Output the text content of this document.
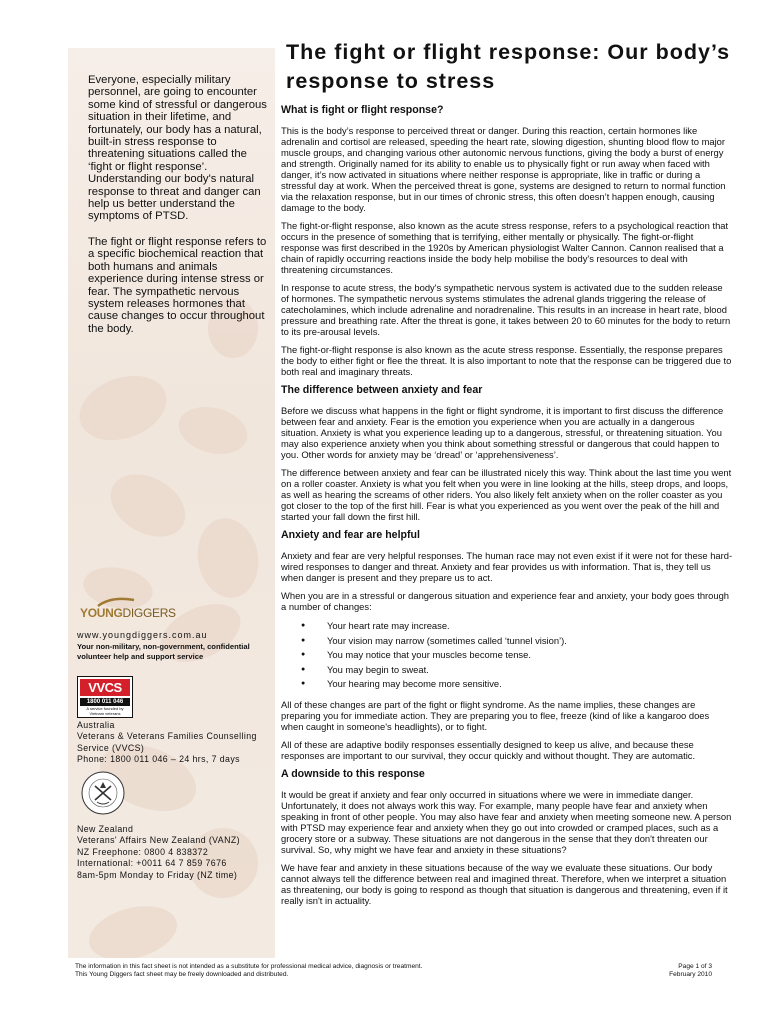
Everyone, especially military personnel, are going to encounter some kind of stressful or dangerous situation in their lifetime, and fortunately, our body has a natural, built-in stress response to threatening situations called the ‘fight or flight response’. Understanding our body's natural response to threat and danger can help us better understand the symptoms of PTSD.

The fight or flight response refers to a specific biochemical reaction that both humans and animals experience during intense stress or fear. The sympathetic nervous system releases hormones that cause changes to occur throughout the body.

YOUNGDIGGERS
www.youngdiggers.com.au
Your non-military, non-government, confidential volunteer help and support service
VVCS
1800 011 046
A service founded by Vietnam veterans
Australia
Veterans & Veterans Families Counselling
Service (VVCS)
Phone: 1800 011 046 – 24 hrs, 7 days
New Zealand
Veterans' Affairs New Zealand (VANZ)
NZ Freephone: 0800 4 838372
International: +0011 64 7 859 7676
8am-5pm Monday to Friday (NZ time)
The fight or flight response: Our body’s response to stress
What is fight or flight response?

This is the body’s response to perceived threat or danger. During this reaction, certain hormones like adrenalin and cortisol are released, speeding the heart rate, slowing digestion, shunting blood flow to major muscle groups, and changing various other autonomic nervous functions, giving the body a burst of energy and strength. Originally named for its ability to enable us to physically fight or run away when faced with danger, it’s now activated in situations where neither response is appropriate, like in traffic or during a stressful day at work. When the perceived threat is gone, systems are designed to return to normal function via the relaxation response, but in our times of chronic stress, this often doesn’t happen enough, causing damage to the body.

The fight-or-flight response, also known as the acute stress response, refers to a psychological reaction that occurs in the presence of something that is terrifying, either mentally or physically. The fight-or-flight response was first described in the 1920s by American physiologist Walter Cannon. Cannon realised that a chain of rapidly occurring reactions inside the body help mobilise the body's resources to deal with threatening circumstances.

In response to acute stress, the body's sympathetic nervous system is activated due to the sudden release of hormones. The sympathetic nervous systems stimulates the adrenal glands triggering the release of catecholamines, which include adrenaline and noradrenaline. This results in an increase in heart rate, blood pressure and breathing rate. After the threat is gone, it takes between 20 to 60 minutes for the body to return to its pre-arousal levels.

The fight-or-flight response is also known as the acute stress response. Essentially, the response prepares the body to either fight or flee the threat. It is also important to note that the response can be triggered due to both real and imaginary threats.

The difference between anxiety and fear

Before we discuss what happens in the fight or flight syndrome, it is important to first discuss the difference between fear and anxiety. Fear is the emotion you experience when you are actually in a dangerous situation. Anxiety is what you experience leading up to a dangerous, stressful, or threatening situation. You may also experience anxiety when you think about something stressful or dangerous that could happen to you. Other words for anxiety may be ‘dread’ or ‘apprehensiveness’.

The difference between anxiety and fear can be illustrated nicely this way. Think about the last time you went on a roller coaster. Anxiety is what you felt when you were in line looking at the hills, steep drops, and loops, as well as hearing the screams of other riders. You also likely felt anxiety when on the roller coaster as you got closer to the top of the first hill. Fear is what you experienced as you went over the peak of the hill and started your fall down the first hill.

Anxiety and fear are helpful

Anxiety and fear are very helpful responses. The human race may not even exist if it were not for these hard-wired responses to danger and threat. Anxiety and fear provides us with information. That is, they tell us when danger is present and they prepare us to act.

When you are in a stressful or dangerous situation and experience fear and anxiety, your body goes through a number of changes:

● Your heart rate may increase.
● Your vision may narrow (sometimes called ‘tunnel vision’).
● You may notice that your muscles become tense.
● You may begin to sweat.
● Your hearing may become more sensitive.

All of these changes are part of the fight or flight syndrome. As the name implies, these changes are preparing you for immediate action. They are preparing you to flee, freeze (kind of like a kangaroo does when caught in someone's headlights), or to fight.

All of these are adaptive bodily responses essentially designed to keep us alive, and because these responses are important to our survival, they occur quickly and without thought. They are automatic.

A downside to this response

It would be great if anxiety and fear only occurred in situations where we were in immediate danger. Unfortunately, it does not always work this way. For example, many people have fear and anxiety when speaking in front of other people. You may also have fear and anxiety when meeting someone new. A person with PTSD may experience fear and anxiety when they go out into crowded or cramped places, such as a grocery store or a subway. These situations are not dangerous in the sense that they don't threaten our survival. So, why might we have fear and anxiety in these situations?

We have fear and anxiety in these situations because of the way we evaluate these situations. Our body cannot always tell the difference between real and imagined threat. Therefore, when we interpret a situation as threatening, our body is going to respond as though that situation is dangerous and threatening, even if it really isn't in actuality.

The information in this fact sheet is not intended as a substitute for professional medical advice, diagnosis or treatment.
This Young Diggers fact sheet may be freely downloaded and distributed.
Page 1 of 3
February 2010
